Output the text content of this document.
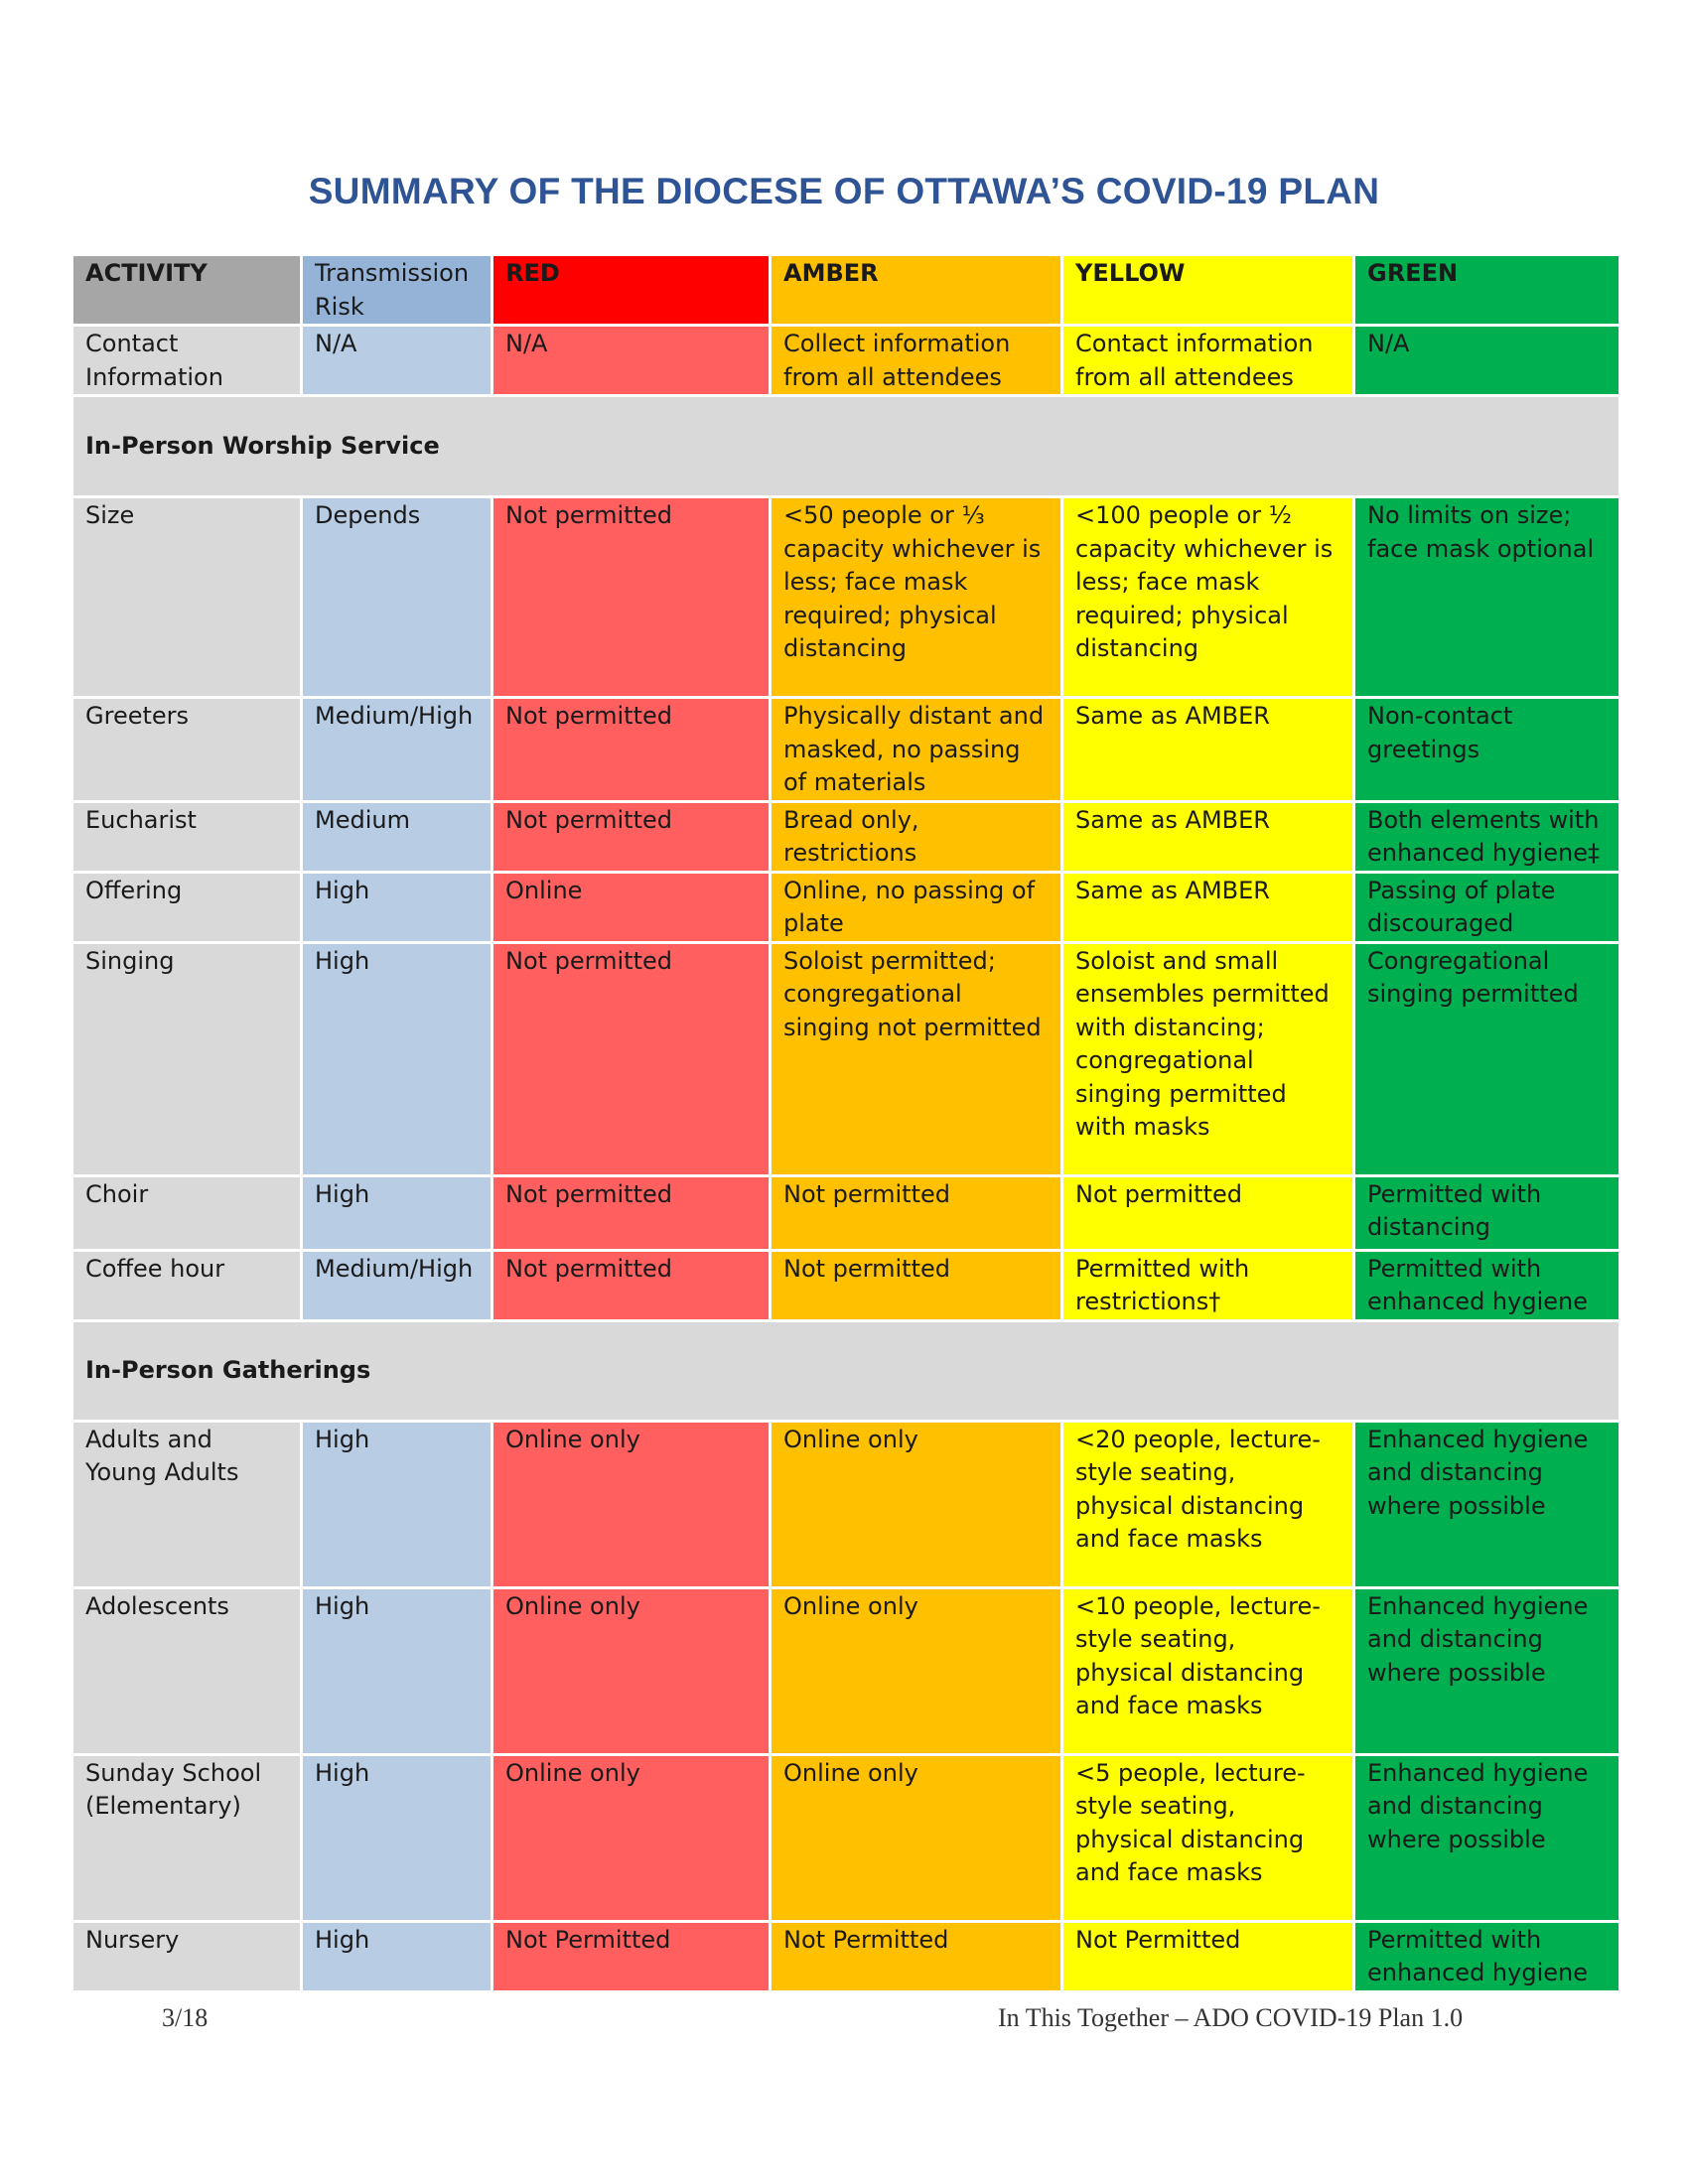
SUMMARY OF THE DIOCESE OF OTTAWA’S COVID-19 PLAN
ACTIVITY	Transmission Risk	RED	AMBER	YELLOW	GREEN
Contact Information	N/A	N/A	Collect information from all attendees	Contact information from all attendees	N/A
In-Person Worship Service					
Size	Depends	Not permitted	<50 people or ⅓ capacity whichever is less; face mask required; physical distancing	<100 people or ½ capacity whichever is less; face mask required; physical distancing	No limits on size; face mask optional
Greeters	Medium/High	Not permitted	Physically distant and masked, no passing of materials	Same as AMBER	Non-contact greetings
Eucharist	Medium	Not permitted	Bread only, restrictions	Same as AMBER	Both elements with enhanced hygiene‡
Offering	High	Online	Online, no passing of plate	Same as AMBER	Passing of plate discouraged
Singing	High	Not permitted	Soloist permitted; congregational singing not permitted	Soloist and small ensembles permitted with distancing; congregational singing permitted with masks	Congregational singing permitted
Choir	High	Not permitted	Not permitted	Not permitted	Permitted with distancing
Coffee hour	Medium/High	Not permitted	Not permitted	Permitted with restrictions†	Permitted with enhanced hygiene
In-Person Gatherings					
Adults and Young Adults	High	Online only	Online only	<20 people, lecture-style seating, physical distancing and face masks	Enhanced hygiene and distancing where possible
Adolescents	High	Online only	Online only	<10 people, lecture-style seating, physical distancing and face masks	Enhanced hygiene and distancing where possible
Sunday School (Elementary)	High	Online only	Online only	<5 people, lecture-style seating, physical distancing and face masks	Enhanced hygiene and distancing where possible
Nursery	High	Not Permitted	Not Permitted	Not Permitted	Permitted with enhanced hygiene
3/18	In This Together – ADO COVID-19 Plan 1.0
